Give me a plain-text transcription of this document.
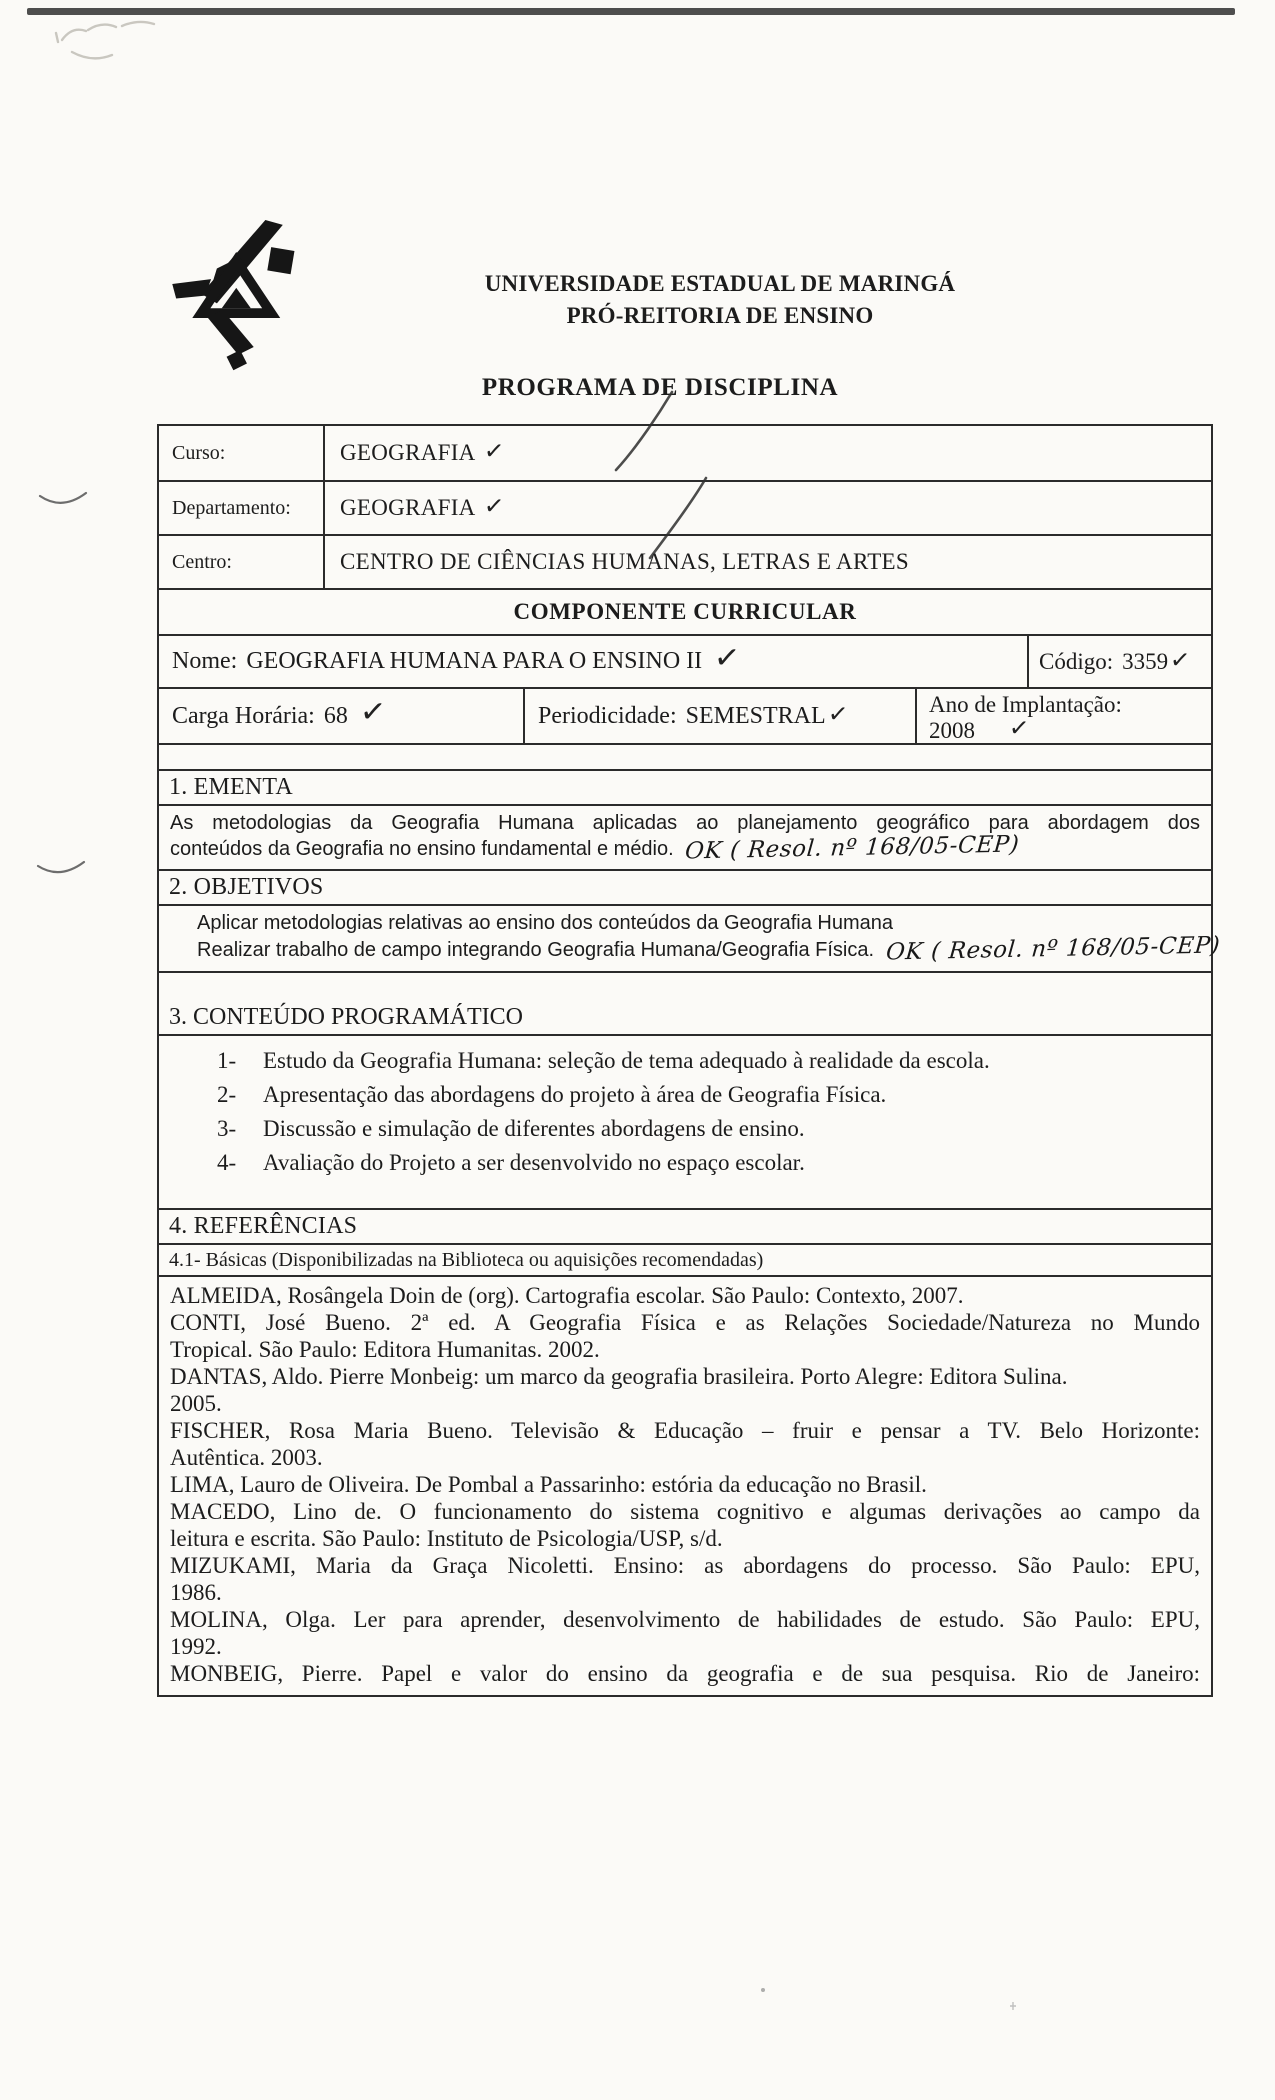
UNIVERSIDADE ESTADUAL DE MARINGÁ
PRÓ-REITORIA DE ENSINO
PROGRAMA DE DISCIPLINA
Curso:	GEOGRAFIA ✓
Departamento:	GEOGRAFIA ✓
Centro:	CENTRO DE CIÊNCIAS HUMANAS, LETRAS E ARTES
COMPONENTE CURRICULAR
Nome: GEOGRAFIA HUMANA PARA O ENSINO II ✓	Código: 3359 ✓
Carga Horária: 68 ✓	Periodicidade: SEMESTRAL ✓	Ano de Implantação:
2008 ✓
1. EMENTA
As metodologias da Geografia Humana aplicadas ao planejamento geográfico para abordagem dos
conteúdos da Geografia no ensino fundamental e médio. OK ( Resol. nº 168/05-CEP)
2. OBJETIVOS
Aplicar metodologias relativas ao ensino dos conteúdos da Geografia Humana
Realizar trabalho de campo integrando Geografia Humana/Geografia Física. OK ( Resol. nº 168/05-CEP)
3. CONTEÚDO PROGRAMÁTICO
1-	Estudo da Geografia Humana: seleção de tema adequado à realidade da escola.
2-	Apresentação das abordagens do projeto à área de Geografia Física.
3-	Discussão e simulação de diferentes abordagens de ensino.
4-	Avaliação do Projeto a ser desenvolvido no espaço escolar.
4. REFERÊNCIAS
4.1- Básicas (Disponibilizadas na Biblioteca ou aquisições recomendadas)

ALMEIDA, Rosângela Doin de (org). Cartografia escolar. São Paulo: Contexto, 2007.

CONTI, José Bueno. 2ª ed. A Geografia Física e as Relações Sociedade/Natureza no Mundo
Tropical. São Paulo: Editora Humanitas. 2002.

DANTAS, Aldo. Pierre Monbeig: um marco da geografia brasileira. Porto Alegre: Editora Sulina.
2005.

FISCHER, Rosa Maria Bueno. Televisão & Educação – fruir e pensar a TV. Belo Horizonte:
Autêntica. 2003.

LIMA, Lauro de Oliveira. De Pombal a Passarinho: estória da educação no Brasil.

MACEDO, Lino de. O funcionamento do sistema cognitivo e algumas derivações ao campo da
leitura e escrita. São Paulo: Instituto de Psicologia/USP, s/d.

MIZUKAMI, Maria da Graça Nicoletti. Ensino: as abordagens do processo. São Paulo: EPU,
1986.

MOLINA, Olga. Ler para aprender, desenvolvimento de habilidades de estudo. São Paulo: EPU,
1992.

MONBEIG, Pierre. Papel e valor do ensino da geografia e de sua pesquisa. Rio de Janeiro:
